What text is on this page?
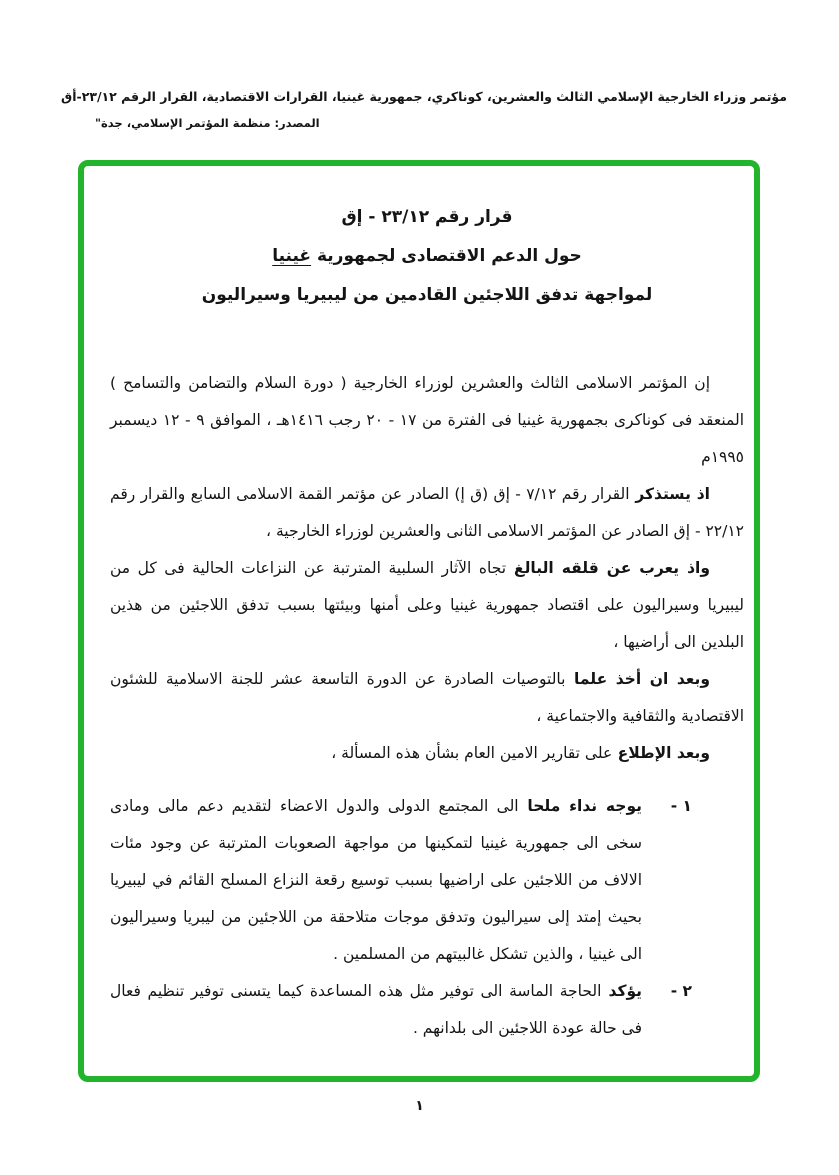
مؤتمر وزراء الخارجية الإسلامي الثالث والعشرين، كوناكري، جمهورية غينيا، القرارات الاقتصادية، القرار الرقم ٢٣/١٢-أق
المصدر: منظمة المؤتمر الإسلامي، جدة"
قرار رقم ٢٣/١٢ - إق
حول الدعم الاقتصادى لجمهورية غينيا
لمواجهة تدفق اللاجئين القادمين من ليبيريا وسيراليون

إن المؤتمر الاسلامى الثالث والعشرين لوزراء الخارجية ( دورة السلام والتضامن والتسامح ) المنعقد فى كوناكرى بجمهورية غينيا فى الفترة من ١٧ - ٢٠ رجب ١٤١٦هـ ، الموافق ٩ - ١٢ ديسمبر ١٩٩٥م

اذ يستذكر القرار رقم ٧/١٢ - إق (ق إ) الصادر عن مؤتمر القمة الاسلامى السابع والقرار رقم ٢٢/١٢ - إق الصادر عن المؤتمر الاسلامى الثانى والعشرين لوزراء الخارجية ،

واذ يعرب عن قلقه البالغ تجاه الآثار السلبية المترتبة عن النزاعات الحالية فى كل من ليبيريا وسيراليون على اقتصاد جمهورية غينيا وعلى أمنها وبيئتها بسبب تدفق اللاجئين من هذين البلدين الى أراضيها ،

وبعد ان أخذ علما بالتوصيات الصادرة عن الدورة التاسعة عشر للجنة الاسلامية للشئون الاقتصادية والثقافية والاجتماعية ،

وبعد الإطلاع على تقارير الامين العام بشأن هذه المسألة ،

١ -
يوجه نداء ملحا الى المجتمع الدولى والدول الاعضاء لتقديم دعم مالى ومادى سخى الى جمهورية غينيا لتمكينها من مواجهة الصعوبات المترتبة عن وجود مئات الالاف من اللاجئين على اراضيها بسبب توسيع رقعة النزاع المسلح القائم في ليبيريا بحيث إمتد إلى سيراليون وتدفق موجات متلاحقة من اللاجئين من ليبريا وسيراليون الى غينيا ، والذين تشكل غالبيتهم من المسلمين .
٢ -
يؤكد الحاجة الماسة الى توفير مثل هذه المساعدة كيما يتسنى توفير تنظيم فعال فى حالة عودة اللاجئين الى بلدانهم .
١
